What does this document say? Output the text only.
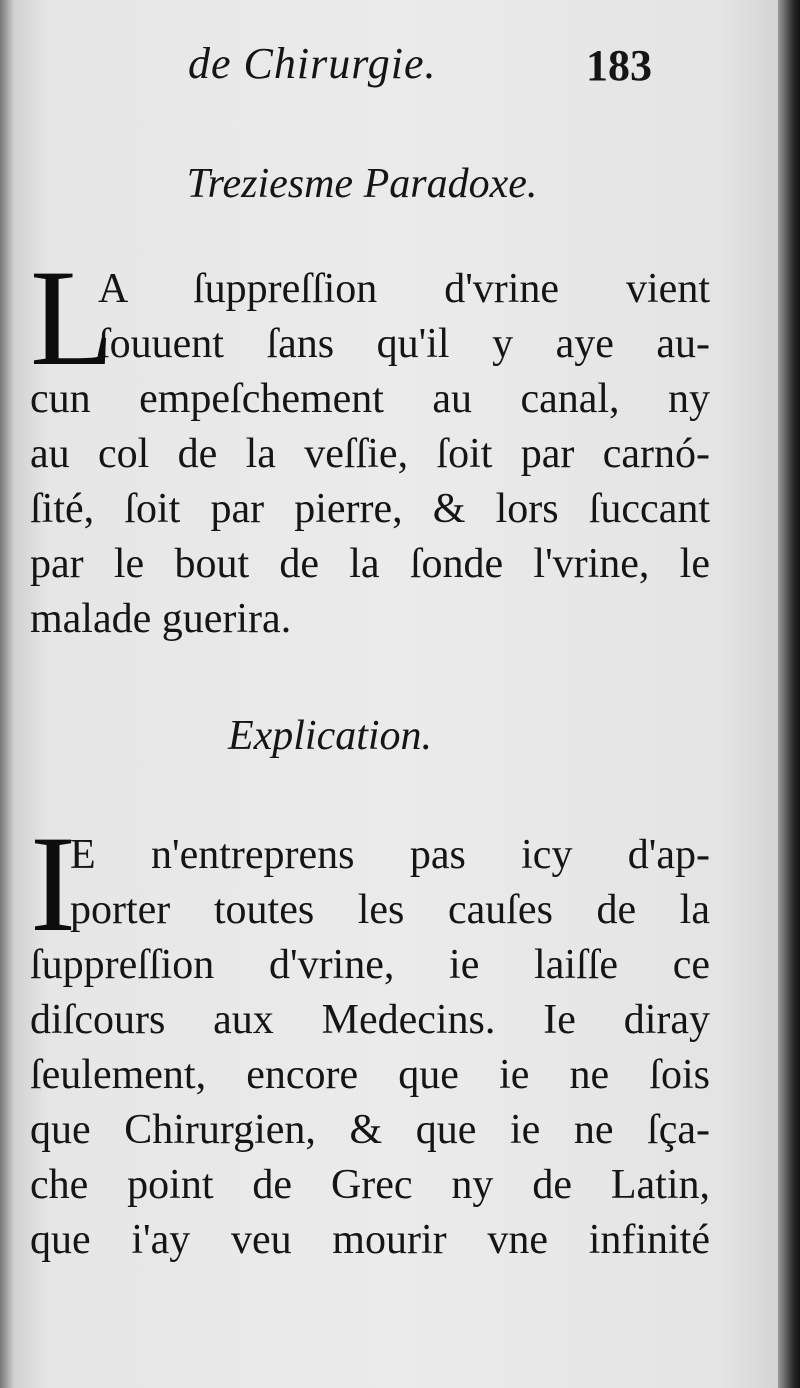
de Chirurgie.	183
Treziesme Paradoxe.
L
A ſuppreſſion d'vrine vient
ſouuent ſans qu'il y aye au-
cun empeſchement au canal, ny
au col de la veſſie, ſoit par carnó-
ſité, ſoit par pierre, & lors ſuccant
par le bout de la ſonde l'vrine, le
malade guerira.
Explication.
I
E n'entreprens pas icy d'ap-
porter toutes les cauſes de la
ſuppreſſion d'vrine, ie laiſſe ce
diſcours aux Medecins. Ie diray
ſeulement, encore que ie ne ſois
que Chirurgien, & que ie ne ſça-
che point de Grec ny de Latin,
que i'ay veu mourir vne infinité
